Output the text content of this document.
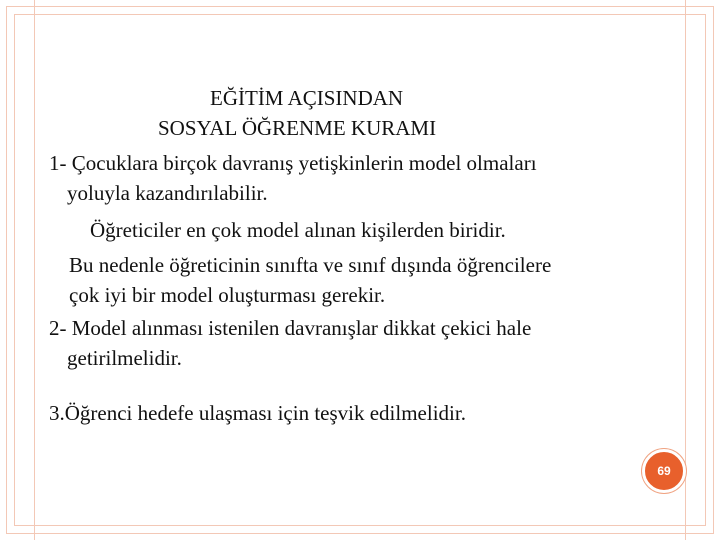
EĞİTİM AÇISINDAN
SOSYAL ÖĞRENME KURAMI
1- Çocuklara birçok davranış yetişkinlerin model olmaları
yoluyla kazandırılabilir.
Öğreticiler en çok model alınan kişilerden biridir.
Bu nedenle öğreticinin sınıfta ve sınıf dışında öğrencilere
çok iyi bir model oluşturması gerekir.
2- Model alınması istenilen davranışlar dikkat çekici hale
getirilmelidir.
3.Öğrenci hedefe ulaşması için teşvik edilmelidir.
69
